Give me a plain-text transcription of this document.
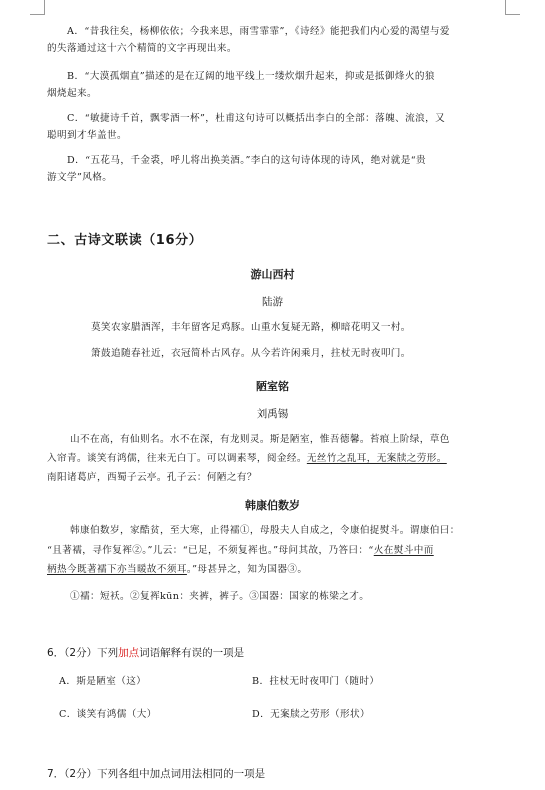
A．“昔我往矣，杨柳依依；今我来思，雨雪霏霏”，《诗经》能把我们内心爱的渴望与爱
的失落通过这十六个精简的文字再现出来。
B．“大漠孤烟直”描述的是在辽阔的地平线上一缕炊烟升起来，抑或是抵御烽火的狼
烟烧起来。
C．“敏捷诗千首，飘零酒一杯”，杜甫这句诗可以概括出李白的全部：落魄、流浪，又
聪明到才华盖世。
D．“五花马，千金裘，呼儿将出换美酒。”李白的这句诗体现的诗风，绝对就是“贵
游文学”风格。
二、古诗文联读（16分）
游山西村
陆游
莫笑农家腊酒浑，丰年留客足鸡豚。山重水复疑无路，柳暗花明又一村。
箫鼓追随春社近，衣冠简朴古风存。从今若许闲乘月，拄杖无时夜叩门。
陋室铭
刘禹锡
山不在高，有仙则名。水不在深，有龙则灵。斯是陋室，惟吾德馨。苔痕上阶绿，草色
入帘青。谈笑有鸿儒，往来无白丁。可以调素琴，阅金经。无丝竹之乱耳，无案牍之劳形。
南阳诸葛庐，西蜀子云亭。孔子云：何陋之有？
韩康伯数岁
韩康伯数岁，家酷贫，至大寒，止得襦①，母殷夫人自成之，令康伯捉熨斗。谓康伯曰：
“且著襦，寻作复裈②。”儿云：“已足，不须复裈也。”母问其故，乃答曰：“火在熨斗中而
柄热今既著襦下亦当暖故不须耳。”母甚异之，知为国器③。
①襦：短袄。②复裈kūn：夹裤，裤子。③国器：国家的栋梁之才。
6．（2分）下列加点词语解释有误的一项是
A．斯是陋室（这）	B．拄杖无时夜叩门（随时）
C．谈笑有鸿儒（大）	D．无案牍之劳形（形状）
7．（2分）下列各组中加点词用法相同的一项是
